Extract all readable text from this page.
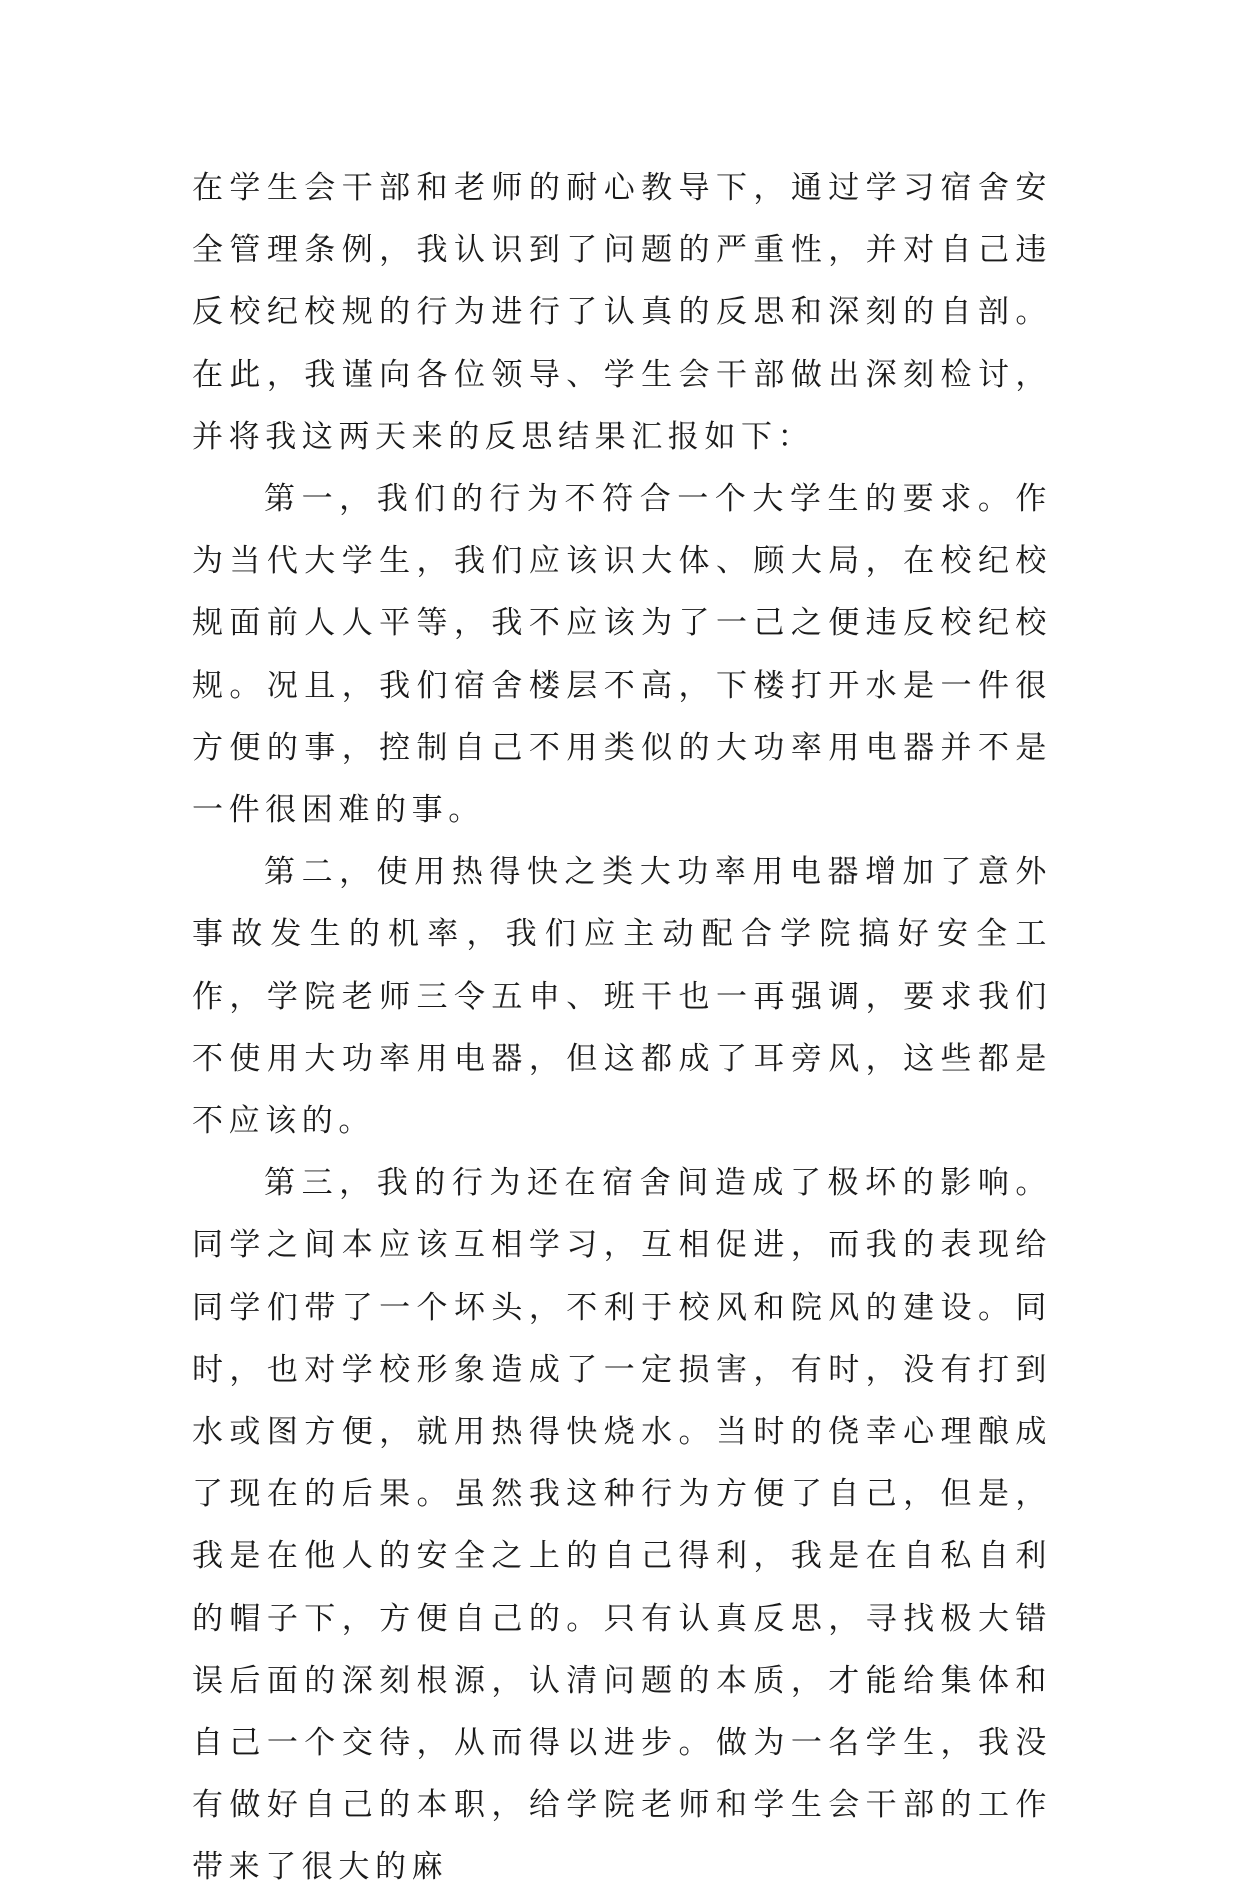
在学生会干部和老师的耐心教导下，通过学习宿舍安全管理条例，我认识到了问题的严重性，并对自己违反校纪校规的行为进行了认真的反思和深刻的自剖。在此，我谨向各位领导、学生会干部做出深刻检讨，并将我这两天来的反思结果汇报如下：

第一，我们的行为不符合一个大学生的要求。作为当代大学生，我们应该识大体、顾大局，在校纪校规面前人人平等，我不应该为了一己之便违反校纪校规。况且，我们宿舍楼层不高，下楼打开水是一件很方便的事，控制自己不用类似的大功率用电器并不是一件很困难的事。

第二，使用热得快之类大功率用电器增加了意外事故发生的机率，我们应主动配合学院搞好安全工作，学院老师三令五申、班干也一再强调，要求我们不使用大功率用电器，但这都成了耳旁风，这些都是不应该的。

第三，我的行为还在宿舍间造成了极坏的影响。同学之间本应该互相学习，互相促进，而我的表现给同学们带了一个坏头，不利于校风和院风的建设。同时，也对学校形象造成了一定损害，有时，没有打到水或图方便，就用热得快烧水。当时的侥幸心理酿成了现在的后果。虽然我这种行为方便了自己，但是，我是在他人的安全之上的自己得利，我是在自私自利的帽子下，方便自己的。只有认真反思，寻找极大错误后面的深刻根源，认清问题的本质，才能给集体和自己一个交待，从而得以进步。做为一名学生，我没有做好自己的本职，给学院老师和学生会干部的工作带来了很大的麻
